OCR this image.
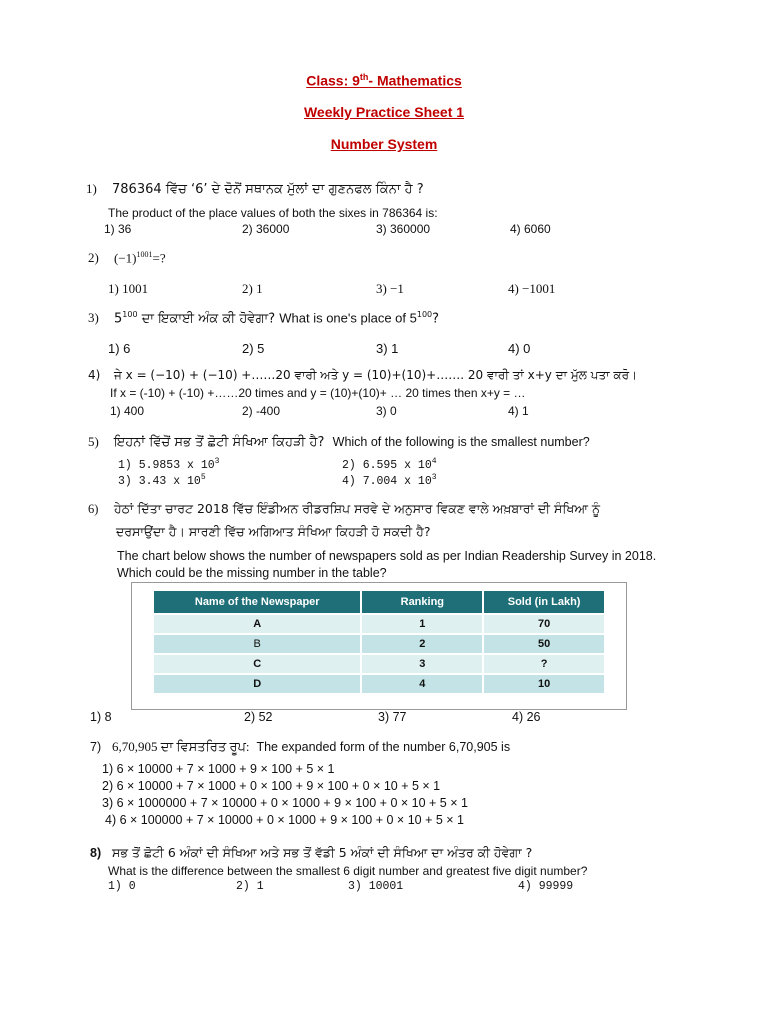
Class: 9th- Mathematics
Weekly Practice Sheet 1
Number System
1) 786364 ਵਿੱਚ ‘6’ ਦੇ ਦੋਨੋਂ ਸਥਾਨਕ ਮੁੱਲਾਂ ਦਾ ਗੁਣਨਫਲ ਕਿੰਨਾ ਹੈ ?
The product of the place values of both the sixes in 786364 is:
1) 36	2) 36000	3) 360000	4) 6060
2) $(-1)^{1001}=$?
1) 1001	2) 1	3) −1	4) −1001
3) $5^{100}$ ਦਾ ਇਕਾਈ ਅੰਕ ਕੀ ਹੋਵੇਗਾ? What is one's place of $5^{100}$?
1) 6	2) 5	3) 1	4) 0
4) ਜੇ x = (−10) + (−10) +……20 ਵਾਰੀ ਅਤੇ y = (10)+(10)+……. 20 ਵਾਰੀ ਤਾਂ x+y ਦਾ ਮੁੱਲ ਪਤਾ ਕਰੋ।
If x = (-10) + (-10) +……20 times and y = (10)+(10)+ … 20 times then x+y = …
1) 400	2) -400	3) 0	4) 1
5) ਇਹਨਾਂ ਵਿੱਚੋਂ ਸਭ ਤੋਂ ਛੋਟੀ ਸੰਖਿਆ ਕਿਹੜੀ ਹੈ? Which of the following is the smallest number?
1) 5.9853 x $10^3$	2) 6.595 x $10^4$
3) 3.43 x $10^5$	4) 7.004 x $10^3$
6) ਹੇਠਾਂ ਦਿੱਤਾ ਚਾਰਟ 2018 ਵਿੱਚ ਇੰਡੀਅਨ ਰੀਡਰਸ਼ਿਪ ਸਰਵੇ ਦੇ ਅਨੁਸਾਰ ਵਿਕਣ ਵਾਲੇ ਅਖ਼ਬਾਰਾਂ ਦੀ ਸੰਖਿਆ ਨੂੰ
ਦਰਸਾਉਂਦਾ ਹੈ। ਸਾਰਣੀ ਵਿੱਚ ਅਗਿਆਤ ਸੰਖਿਆ ਕਿਹੜੀ ਹੋ ਸਕਦੀ ਹੈ?
The chart below shows the number of newspapers sold as per Indian Readership Survey in 2018.
Which could be the missing number in the table?
Name of the Newspaper	Ranking	Sold (in Lakh)
A	1	70
B	2	50
C	3	?
D	4	10
1) 8	2) 52	3) 77	4) 26
7) 6,70,905 ਦਾ ਵਿਸਤਰਿਤ ਰੂਪ: The expanded form of the number 6,70,905 is
1) 6 × 10000 + 7 × 1000 + 9 × 100 + 5 × 1
2) 6 × 10000 + 7 × 1000 + 0 × 100 + 9 × 100 + 0 × 10 + 5 × 1
3) 6 × 1000000 + 7 × 10000 + 0 × 1000 + 9 × 100 + 0 × 10 + 5 × 1
4) 6 × 100000 + 7 × 10000 + 0 × 1000 + 9 × 100 + 0 × 10 + 5 × 1
8) ਸਭ ਤੋਂ ਛੋਟੀ 6 ਅੰਕਾਂ ਦੀ ਸੰਖਿਆ ਅਤੇ ਸਭ ਤੋਂ ਵੱਡੀ 5 ਅੰਕਾਂ ਦੀ ਸੰਖਿਆ ਦਾ ਅੰਤਰ ਕੀ ਹੋਵੇਗਾ ?
What is the difference between the smallest 6 digit number and greatest five digit number?
1) 0	2) 1	3) 10001	4) 99999
